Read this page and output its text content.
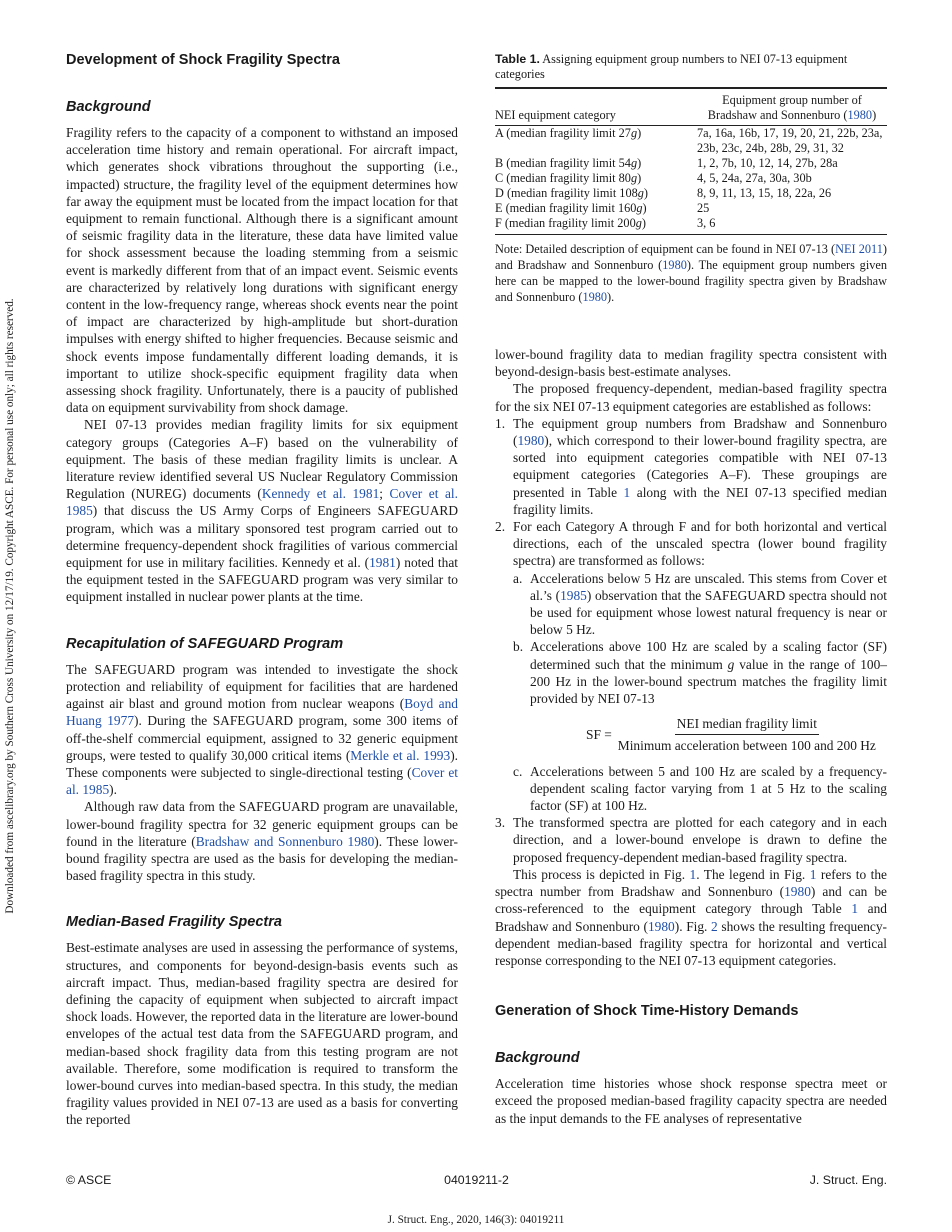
Downloaded from ascelibrary.org by Southern Cross University on 12/17/19. Copyright ASCE. For personal use only; all rights reserved.
Development of Shock Fragility Spectra
Background

Fragility refers to the capacity of a component to withstand an imposed acceleration time history and remain operational. For aircraft impact, which generates shock vibrations throughout the supporting (i.e., impacted) structure, the fragility level of the equipment determines how far away the equipment must be located from the impact location for that equipment to remain functional. Although there is a significant amount of seismic fragility data in the literature, these data have limited value for shock assessment because the loading stemming from a seismic event is markedly different from that of an impact event. Seismic events are characterized by relatively long durations with significant energy content in the low-frequency range, whereas shock events near the point of impact are characterized by high-amplitude but short-duration impulses with energy shifted to higher frequencies. Because seismic and shock events impose fundamentally different loading demands, it is important to utilize shock-specific equipment fragility data when assessing shock fragility. Unfortunately, there is a paucity of published data on equipment survivability from shock damage.

NEI 07-13 provides median fragility limits for six equipment category groups (Categories A–F) based on the vulnerability of equipment. The basis of these median fragility limits is unclear. A literature review identified several US Nuclear Regulatory Commission Regulation (NUREG) documents (Kennedy et al. 1981; Cover et al. 1985) that discuss the US Army Corps of Engineers SAFEGUARD program, which was a military sponsored test program carried out to determine frequency-dependent shock fragilities of various commercial equipment for use in military facilities. Kennedy et al. (1981) noted that the equipment tested in the SAFEGUARD program was very similar to equipment installed in nuclear power plants at the time.

Recapitulation of SAFEGUARD Program

The SAFEGUARD program was intended to investigate the shock protection and reliability of equipment for facilities that are hardened against air blast and ground motion from nuclear weapons (Boyd and Huang 1977). During the SAFEGUARD program, some 300 items of off-the-shelf commercial equipment, assigned to 32 generic equipment groups, were tested to qualify 30,000 critical items (Merkle et al. 1993). These components were subjected to single-directional testing (Cover et al. 1985).

Although raw data from the SAFEGUARD program are unavailable, lower-bound fragility spectra for 32 generic equipment groups can be found in the literature (Bradshaw and Sonnenburo 1980). These lower-bound fragility spectra are used as the basis for developing the median-based fragility spectra in this study.

Median-Based Fragility Spectra

Best-estimate analyses are used in assessing the performance of systems, structures, and components for beyond-design-basis events such as aircraft impact. Thus, median-based fragility spectra are desired for defining the capacity of equipment when subjected to aircraft impact shock loads. However, the reported data in the literature are lower-bound envelopes of the actual test data from the SAFEGUARD program, and median-based shock fragility data from this testing program are not available. Therefore, some modification is required to transform the lower-bound curves into median-based spectra. In this study, the median fragility values provided in NEI 07-13 are used as a basis for converting the reported

Table 1. Assigning equipment group numbers to NEI 07-13 equipment categories

NEI equipment category	Equipment group number of
Bradshaw and Sonnenburo (1980)
A (median fragility limit 27g)	7a, 16a, 16b, 17, 19, 20, 21, 22b, 23a, 23b, 23c, 24b, 28b, 29, 31, 32
B (median fragility limit 54g)	1, 2, 7b, 10, 12, 14, 27b, 28a
C (median fragility limit 80g)	4, 5, 24a, 27a, 30a, 30b
D (median fragility limit 108g)	8, 9, 11, 13, 15, 18, 22a, 26
E (median fragility limit 160g)	25
F (median fragility limit 200g)	3, 6

Note: Detailed description of equipment can be found in NEI 07-13 (NEI 2011) and Bradshaw and Sonnenburo (1980). The equipment group numbers given here can be mapped to the lower-bound fragility spectra given by Bradshaw and Sonnenburo (1980).

lower-bound fragility data to median fragility spectra consistent with beyond-design-basis best-estimate analyses.

The proposed frequency-dependent, median-based fragility spectra for the six NEI 07-13 equipment categories are established as follows:

1. The equipment group numbers from Bradshaw and Sonnenburo (1980), which correspond to their lower-bound fragility spectra, are sorted into equipment categories compatible with NEI 07-13 equipment categories (Categories A–F). These groupings are presented in Table 1 along with the NEI 07-13 specified median fragility limits.
2. For each Category A through F and for both horizontal and vertical directions, each of the unscaled spectra (lower bound fragility spectra) are transformed as follows:
a. Accelerations below 5 Hz are unscaled. This stems from Cover et al.’s (1985) observation that the SAFEGUARD spectra should not be used for equipment whose lowest natural frequency is near or below 5 Hz.
b. Accelerations above 100 Hz are scaled by a scaling factor (SF) determined such that the minimum g value in the range of 100–200 Hz in the lower-bound spectrum matches the fragility limit provided by NEI 07-13
SF = $\frac{\text{NEI median fragility limit}}{\text{Minimum acceleration between 100 and 200 Hz}}$
c. Accelerations between 5 and 100 Hz are scaled by a frequency-dependent scaling factor varying from 1 at 5 Hz to the scaling factor (SF) at 100 Hz.
3. The transformed spectra are plotted for each category and in each direction, and a lower-bound envelope is drawn to define the proposed frequency-dependent median-based fragility spectra.

This process is depicted in Fig. 1. The legend in Fig. 1 refers to the spectra number from Bradshaw and Sonnenburo (1980) and can be cross-referenced to the equipment category through Table 1 and Bradshaw and Sonnenburo (1980). Fig. 2 shows the resulting frequency-dependent median-based fragility spectra for horizontal and vertical response corresponding to the NEI 07-13 equipment categories.

Generation of Shock Time-History Demands
Background

Acceleration time histories whose shock response spectra meet or exceed the proposed median-based fragility capacity spectra are needed as the input demands to the FE analyses of representative

© ASCE	04019211-2	J. Struct. Eng.
J. Struct. Eng., 2020, 146(3): 04019211
